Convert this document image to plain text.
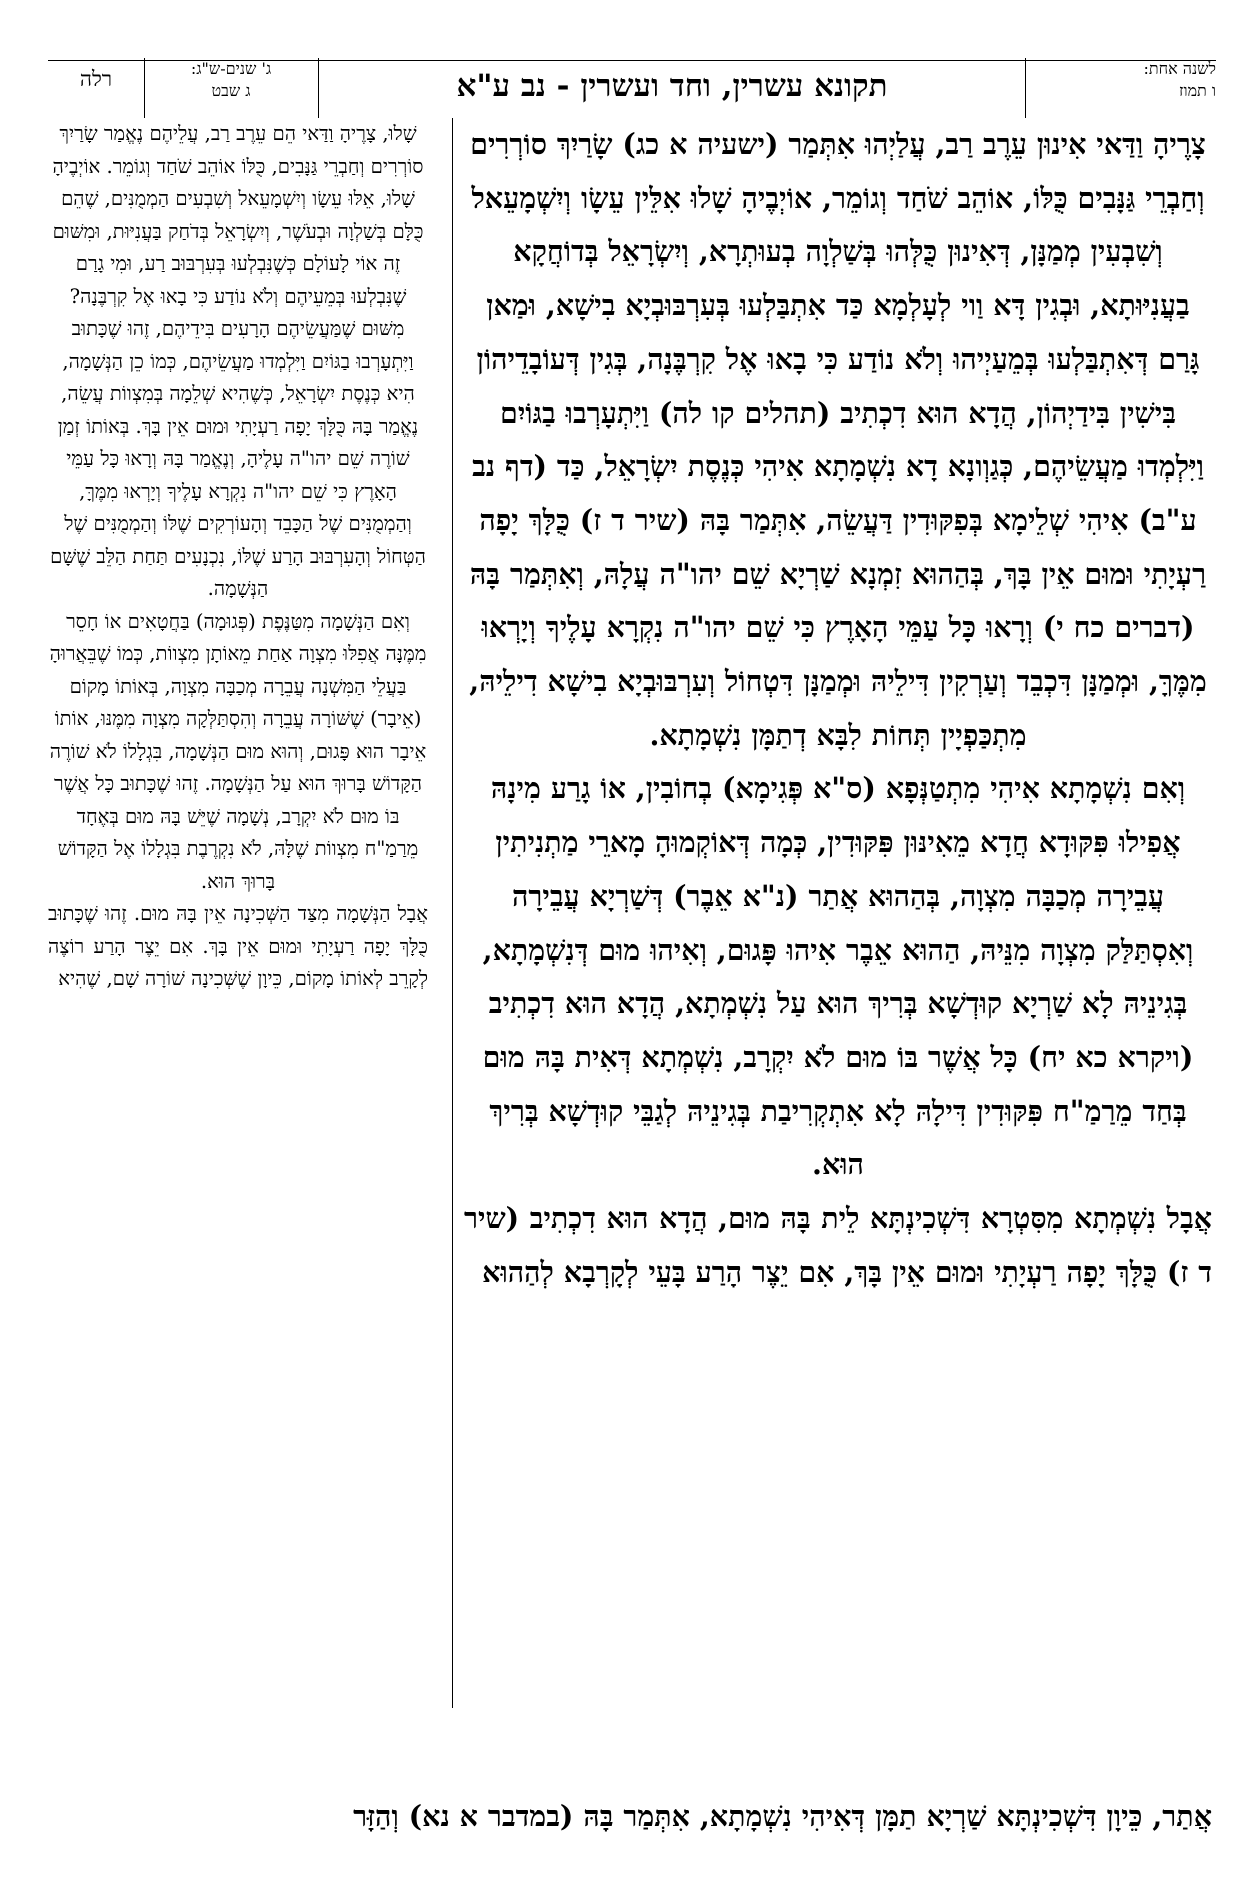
לשנה אחת:
ו תמוז
תקונא עשרין, וחד ועשרין - נב ע"א
ג' שנים-ש"ג:
ג שבט
רלה

צָרֶיהָ וַדַּאי אִינוּן עֵרֶב רַב, עֲלַיְהוּ אִתְּמַר (ישעיה א כג) שָׂרַיִךְ סוֹרְרִים וְחַבְרֵי גַּנָּבִים כֻּלּוֹ, אוֹהֵב שֹׁחַד וְגוֹמֵר, אוֹיְבֶיהָ שָׁלוּ אִלֵּין עֵשָׂו וְיִשְׁמָעֵאל וְשִׁבְעִין מְמַנָּן, דְּאִינוּן כֻּלְּהוּ בְּשַׁלְוָה בְעוּתְרָא, וְיִשְׂרָאֵל בְּדוֹחֲקָא בַעֲנִיּוּתָא, וּבְגִין דָּא וַוי לְעָלְמָא כַּד אִתְבַּלְעוּ בְּעִרְבּוּבְיָא בִישָׁא, וּמַאן גָּרַם דְּאִתְבַּלְעוּ בְּמֵעַיְיהוּ וְלֹא נוֹדַע כִּי בָאוּ אֶל קִרְבֶּנָה, בְּגִין דְּעוֹבָדֵיהוֹן בִּישִׁין בִּידַיְהוֹן, הֲדָא הוּא דִכְתִיב (תהלים קו לה) וַיִּתְעָרְבוּ בַגּוֹיִם וַיִּלְמְדוּ מַעֲשֵׂיהֶם, כְּגַוְונָא דָא נִשְׁמָתָא אִיהִי כְּנֶסֶת יִשְׂרָאֵל, כַּד (דף נב ע"ב) אִיהִי שְׁלֵימָא בְּפִקּוּדִין דַּעֲשֵׂה, אִתְּמַר בָּהּ (שיר ד ז) כֻּלָּךְ יָפָה רַעְיָתִי וּמוּם אֵין בָּךְ, בְּהַהוּא זִמְנָא שַׁרְיָא שֵׁם יהו"ה עֲלָהּ, וְאִתְּמַר בָּהּ (דברים כח י) וְרָאוּ כָּל עַמֵּי הָאָרֶץ כִּי שֵׁם יהו"ה נִקְרָא עָלֶיךָ וְיָרְאוּ מִמֶּךָּ, וּמְמַנָּן דִּכְבֵד וְעַרְקִין דִּילֵיהּ וּמְמַנָּן דִּטְחוֹל וְעִרְבּוּבְיָא בִישָׁא דִילֵיהּ, מִתְכַּפְיָין תְּחוֹת לִבָּא דְתַמָּן נִשְׁמָתָא.

וְאִם נִשְׁמָתָא אִיהִי מִתְטַנְּפָא (ס"א פְּגִימָא) בְחוֹבִין, אוֹ גָרַע מִינָהּ אֲפִילוּ פִּקּוּדָא חֲדָא מֵאִינּוּן פִּקּוּדִין, כְּמָה דְּאוֹקְמוּהָ מָארֵי מַתְנִיתִין עֲבֵירָה מְכַבָּה מִצְוָה, בְּהַהוּא אֲתַר (נ"א אֵבֶר) דְּשַׁרְיָא עֲבֵירָה וְאִסְתַּלַּק מִצְוָה מִנֵּיהּ, הַהוּא אֵבֶר אִיהוּ פָּגוּם, וְאִיהוּ מוּם דְּנִשְׁמָתָא, בְּגִינֵיהּ לָא שַׁרְיָא קוּדְשָׁא בְּרִיךְ הוּא עַל נִשְׁמְתָא, הֲדָא הוּא דִכְתִיב (ויקרא כא יח) כָּל אֲשֶׁר בּוֹ מוּם לֹא יִקְרָב, נִשְׁמְתָא דְּאִית בָּהּ מוּם בְּחַד מֵרַמַ"ח פִּקּוּדִין דִּילָהּ לָא אִתְקְרִיבַת בְּגִינֵיהּ לְגַבֵּי קוּדְשָׁא בְּרִיךְ הוּא.

אֲבָל נִשְׁמְתָא מִסִּטְרָא דִּשְׁכִינְתָּא לֵית בָּהּ מוּם, הֲדָא הוּא דִכְתִיב (שיר ד ז) כֻּלָּךְ יָפָה רַעְיָתִי וּמוּם אֵין בָּךְ, אִם יֵצֶר הָרַע בָּעֵי לְקָרְבָא לְהַהוּא

שָׁלוּ, צָרֶיהָ וַדַּאי הֵם עֵרֶב רַב, עֲלֵיהֶם נֶאֱמַר שָׂרַיִךְ סוֹרְרִים וְחַבְרֵי גַּנָּבִים, כֻּלּוֹ אוֹהֵב שֹׁחַד וְגוֹמֵר. אוֹיְבֶיהָ שָׁלוּ, אֵלּוּ עֵשָׂו וְיִשְׁמָעֵאל וְשִׁבְעִים הַמְמֻנִּים, שֶׁהֵם כֻּלָּם בְּשַׁלְוָה וּבְעֹשֶׁר, וְיִשְׂרָאֵל בְּדֹחַק בַּעֲנִיּוּת, וּמִשּׁוּם זֶה אוֹי לָעוֹלָם כְּשֶׁנִּבְלְעוּ בְּעִרְבּוּב רַע, וּמִי גָרַם שֶׁנִּבְלְעוּ בְּמֵעֵיהֶם וְלֹא נוֹדַע כִּי בָאוּ אֶל קִרְבֶּנָה? מִשּׁוּם שֶׁמַּעֲשֵׂיהֶם הָרָעִים בִּידֵיהֶם, זֶהוּ שֶׁכָּתוּב וַיִּתְעָרְבוּ בַגּוֹיִם וַיִּלְמְדוּ מַעֲשֵׂיהֶם, כְּמוֹ כֵן הַנְּשָׁמָה, הִיא כְּנֶסֶת יִשְׂרָאֵל, כְּשֶׁהִיא שְׁלֵמָה בְּמִצְווֹת עֲשֵׂה, נֶאֱמַר בָּהּ כֻּלָּךְ יָפָה רַעְיָתִי וּמוּם אֵין בָּךְ. בְּאוֹתוֹ זְמַן שׁוֹרֶה שֵׁם יהו"ה עָלֶיהָ, וְנֶאֱמַר בָּהּ וְרָאוּ כָּל עַמֵּי הָאָרֶץ כִּי שֵׁם יהו"ה נִקְרָא עָלֶיךָ וְיָרְאוּ מִמֶּךָּ, וְהַמְמֻנִּים שֶׁל הַכָּבֵד וְהָעוֹרְקִים שֶׁלּוֹ וְהַמְמֻנִּים שֶׁל הַטְּחוֹל וְהָעִרְבּוּב הָרַע שֶׁלּוֹ, נִכְנָעִים תַּחַת הַלֵּב שֶׁשָּׁם הַנְּשָׁמָה.

וְאִם הַנְּשָׁמָה מִטַּנֶּפֶת (פְּגוּמָה) בַּחֲטָאִים אוֹ חָסֵר מִמֶּנָּה אֲפִלּוּ מִצְוָה אַחַת מֵאוֹתָן מִצְווֹת, כְּמוֹ שֶׁבֵּאֲרוּהָ בַּעֲלֵי הַמִּשְׁנָה עֲבֵרָה מְכַבָּה מִצְוָה, בְּאוֹתוֹ מָקוֹם (אֵיבָר) שֶׁשּׁוֹרָה עֲבֵרָה וְהִסְתַּלְּקָה מִצְוָה מִמֶּנּוּ, אוֹתוֹ אֵיבָר הוּא פָּגוּם, וְהוּא מוּם הַנְּשָׁמָה, בִּגְלָלוֹ לֹא שׁוֹרֶה הַקָּדוֹשׁ בָּרוּךְ הוּא עַל הַנְּשָׁמָה. זֶהוּ שֶׁכָּתוּב כָּל אֲשֶׁר בּוֹ מוּם לֹא יִקְרָב, נְשָׁמָה שֶׁיֵּשׁ בָּהּ מוּם בְּאֶחָד מֵרַמַ"ח מִצְווֹת שֶׁלָּהּ, לֹא נִקְרֶבֶת בִּגְלָלוֹ אֶל הַקָּדוֹשׁ בָּרוּךְ הוּא.

אֲבָל הַנְּשָׁמָה מִצַּד הַשְּׁכִינָה אֵין בָּהּ מוּם. זֶהוּ שֶׁכָּתוּב כֻּלָּךְ יָפָה רַעְיָתִי וּמוּם אֵין בָּךְ. אִם יֵצֶר הָרַע רוֹצֶה לְקָרֵב לְאוֹתוֹ מָקוֹם, כֵּיוָן שֶׁשְּׁכִינָה שׁוֹרָה שָׁם, שֶׁהִיא

אֲתַר, כֵּיוָן דִּשְׁכִינְתָּא שַׁרְיָא תַמָּן דְּאִיהִי נִשְׁמָתָא, אִתְּמַר בָּהּ (במדבר א נא) וְהַזָּר
